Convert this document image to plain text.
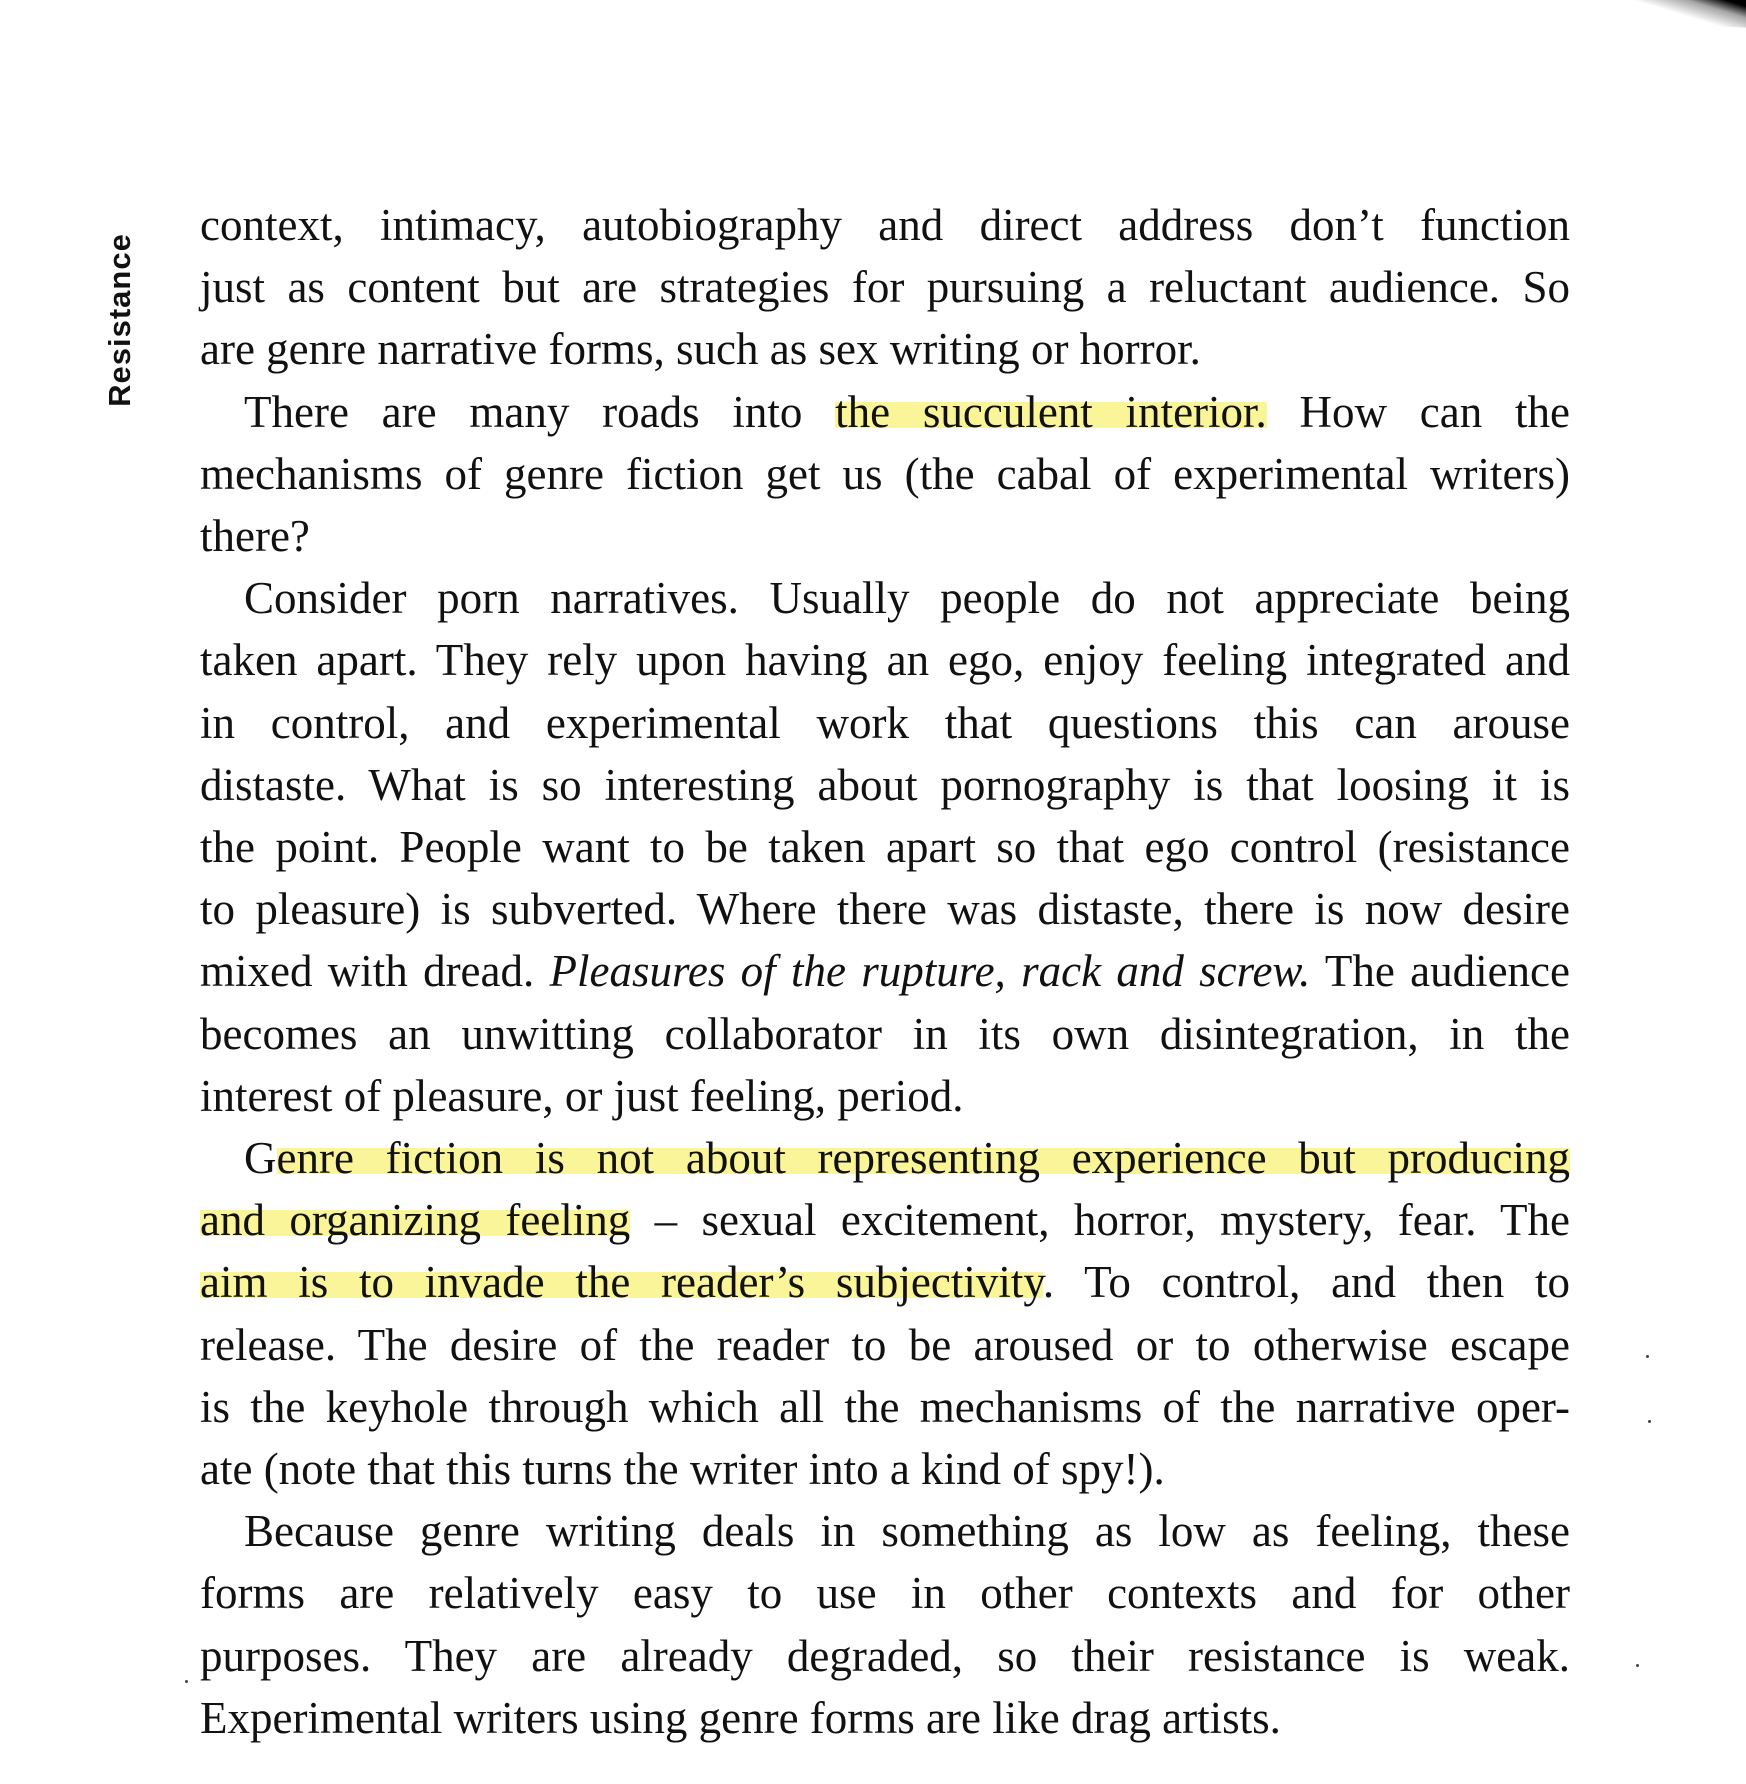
Resistance
context, intimacy, autobiography and direct address don’t function
just as content but are strategies for pursuing a reluctant audience. So
are genre narrative forms, such as sex writing or horror.
There are many roads into the succulent interior. How can the
mechanisms of genre fiction get us (the cabal of experimental writers)
there?
Consider porn narratives. Usually people do not appreciate being
taken apart. They rely upon having an ego, enjoy feeling integrated and
in control, and experimental work that questions this can arouse
distaste. What is so interesting about pornography is that loosing it is
the point. People want to be taken apart so that ego control (resistance
to pleasure) is subverted. Where there was distaste, there is now desire
mixed with dread. Pleasures of the rupture, rack and screw. The audience
becomes an unwitting collaborator in its own disintegration, in the
interest of pleasure, or just feeling, period.
Genre fiction is not about representing experience but producing
and organizing feeling – sexual excitement, horror, mystery, fear. The
aim is to invade the reader’s subjectivity. To control, and then to
release. The desire of the reader to be aroused or to otherwise escape
is the keyhole through which all the mechanisms of the narrative oper-
ate (note that this turns the writer into a kind of spy!).
Because genre writing deals in something as low as feeling, these
forms are relatively easy to use in other contexts and for other
purposes. They are already degraded, so their resistance is weak.
Experimental writers using genre forms are like drag artists.
